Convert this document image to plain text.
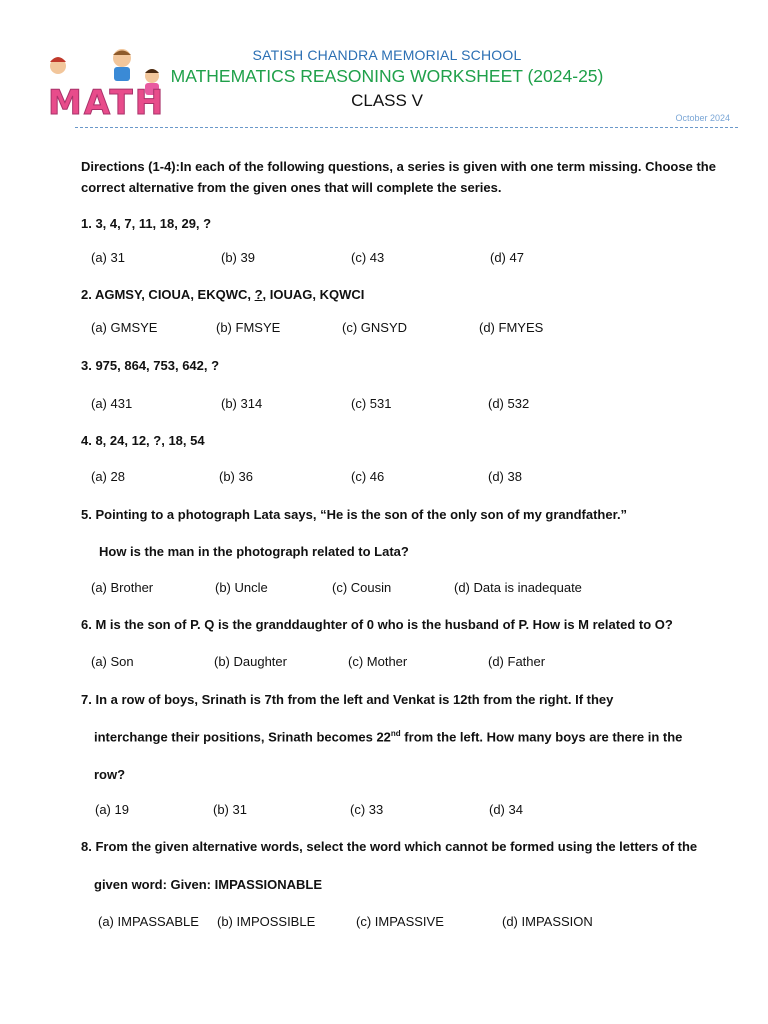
MATH
SATISH CHANDRA MEMORIAL SCHOOL
MATHEMATICS REASONING WORKSHEET (2024-25)
CLASS V
October 2024
Directions (1-4):In each of the following questions, a series is given with one term missing. Choose the correct alternative from the given ones that will complete the series.
1. 3, 4, 7, 11, 18, 29, ?
(a) 31	(b) 39	(c) 43	(d) 47
2. AGMSY, CIOUA, EKQWC, ?, IOUAG, KQWCI
(a) GMSYE	(b) FMSYE	(c) GNSYD	(d) FMYES
3. 975, 864, 753, 642, ?
(a) 431	(b) 314	(c) 531	(d) 532
4. 8, 24, 12, ?, 18, 54
(a) 28	(b) 36	(c) 46	(d) 38
5. Pointing to a photograph Lata says, “He is the son of the only son of my grandfather.”
How is the man in the photograph related to Lata?
(a) Brother	(b) Uncle	(c) Cousin	(d) Data is inadequate
6. M is the son of P. Q is the granddaughter of 0 who is the husband of P. How is M related to O?
(a) Son	(b) Daughter	(c) Mother	(d) Father
7. In a row of boys, Srinath is 7th from the left and Venkat is 12th from the right. If they
interchange their positions, Srinath becomes 22nd from the left. How many boys are there in the
row?
(a) 19	(b) 31	(c) 33	(d) 34
8. From the given alternative words, select the word which cannot be formed using the letters of the
given word: Given: IMPASSIONABLE
(a) IMPASSABLE (b) IMPOSSIBLE	(c) IMPASSIVE	(d) IMPASSION
